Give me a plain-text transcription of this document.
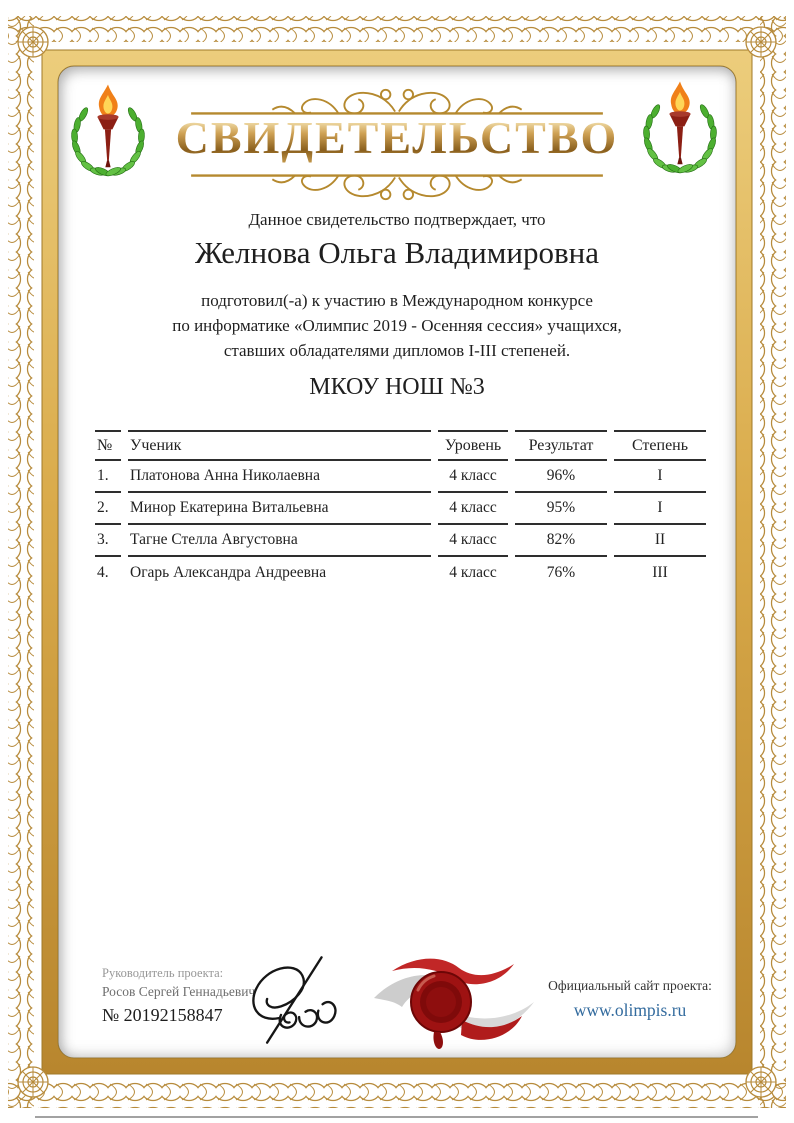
СВИДЕТЕЛЬСТВО
Данное свидетельство подтверждает, что
Желнова Ольга Владимировна
подготовил(-а) к участию в Международном конкурсе
по информатике «Олимпис 2019 - Осенняя сессия» учащихся,
ставших обладателями дипломов I-III степеней.
МКОУ НОШ №3
№	Ученик	Уровень	Результат	Степень
1.	Платонова Анна Николаевна	4 класс	96%	I
2.	Минор Екатерина Витальевна	4 класс	95%	I
3.	Тагне Стелла Августовна	4 класс	82%	II
4.	Огарь Александра Андреевна	4 класс	76%	III
Руководитель проекта:
Росов Сергей Геннадьевич
№ 20192158847
Официальный сайт проекта:
www.olimpis.ru
